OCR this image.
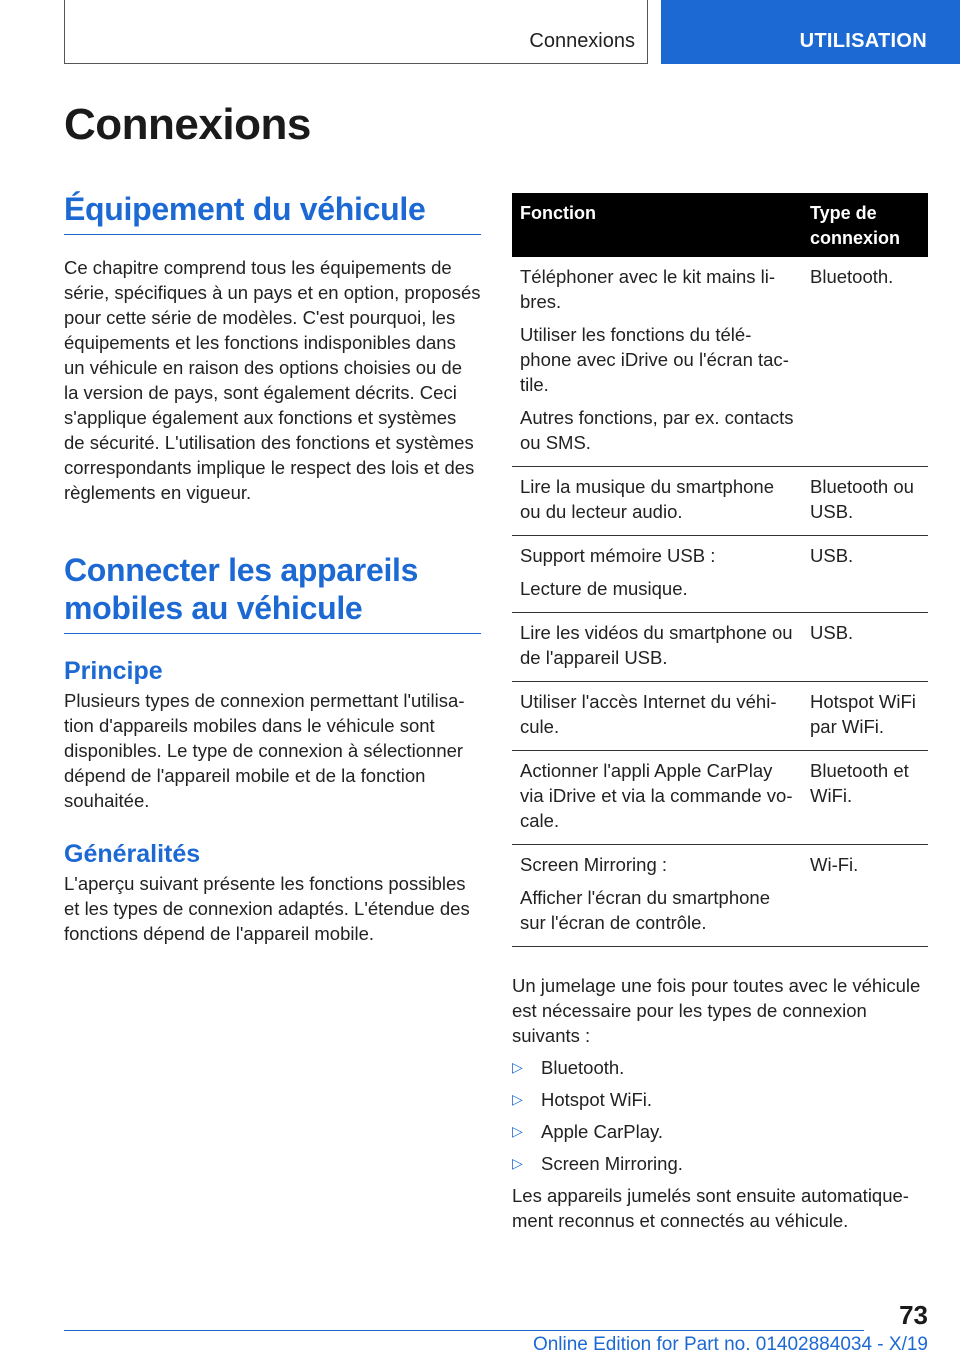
Connexions	UTILISATION
Connexions
Équipement du véhicule

Ce chapitre comprend tous les équipements de série, spécifiques à un pays et en option, proposés pour cette série de modèles. C'est pourquoi, les équipements et les fonctions indisponibles dans un véhicule en raison des options choisies ou de la version de pays, sont également décrits. Ceci s'applique également aux fonctions et systèmes de sécurité. L'utilisation des fonctions et systèmes correspondants implique le respect des lois et des règlements en vigueur.

Connecter les appareils mobiles au véhicule
Principe

Plusieurs types de connexion permettant l'utilisation d'appareils mobiles dans le véhicule sont disponibles. Le type de connexion à sélectionner dépend de l'appareil mobile et de la fonction souhaitée.

Généralités

L'aperçu suivant présente les fonctions possibles et les types de connexion adaptés. L'étendue des fonctions dépend de l'appareil mobile.

Fonction	Type de connexion

Téléphoner avec le kit mains libres.
Utiliser les fonctions du téléphone avec iDrive ou l'écran tactile.
Autres fonctions, par ex. contacts ou SMS.	Bluetooth.

Lire la musique du smartphone ou du lecteur audio.	Bluetooth ou USB.

Support mémoire USB :
Lecture de musique.	USB.

Lire les vidéos du smartphone ou de l'appareil USB.	USB.

Utiliser l'accès Internet du véhicule.	Hotspot WiFi par WiFi.

Actionner l'appli Apple CarPlay via iDrive et via la commande vocale.	Bluetooth et WiFi.

Screen Mirroring :
Afficher l'écran du smartphone sur l'écran de contrôle.	Wi-Fi.

Un jumelage une fois pour toutes avec le véhicule est nécessaire pour les types de connexion suivants :

▷ Bluetooth.
▷ Hotspot WiFi.
▷ Apple CarPlay.
▷ Screen Mirroring.

Les appareils jumelés sont ensuite automatiquement reconnus et connectés au véhicule.

73
Online Edition for Part no. 01402884034 - X/19
